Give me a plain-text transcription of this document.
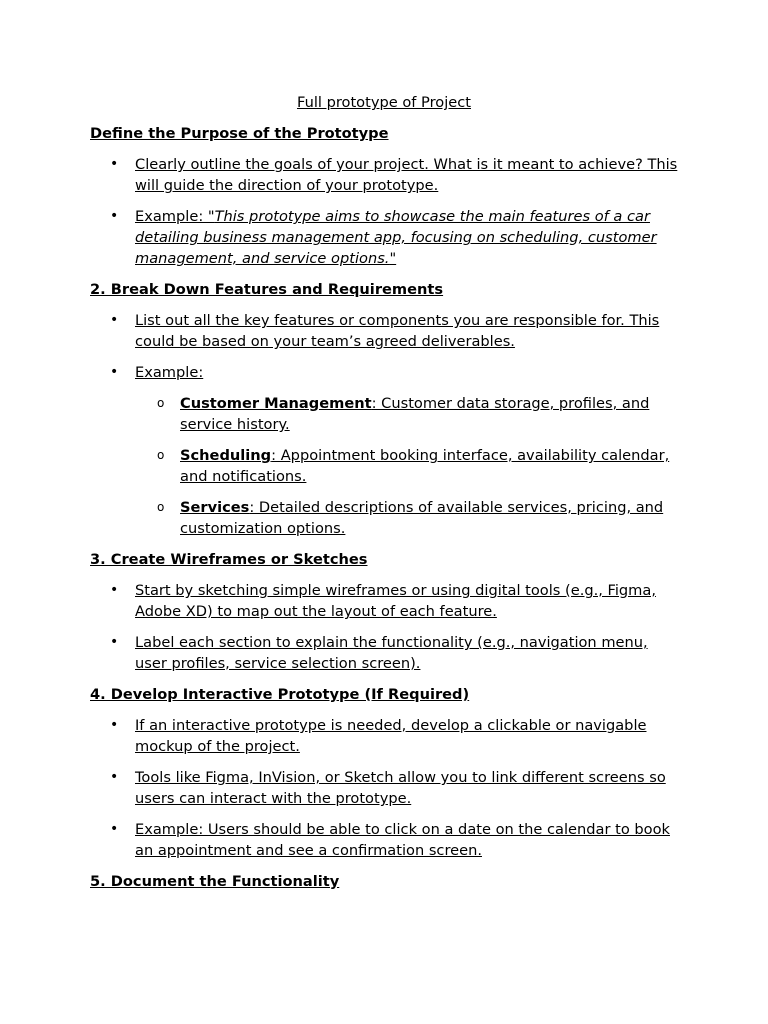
Full prototype of Project
Define the Purpose of the Prototype
• Clearly outline the goals of your project. What is it meant to achieve? This will guide the direction of your prototype.
• Example: "This prototype aims to showcase the main features of a car detailing business management app, focusing on scheduling, customer management, and service options."
2. Break Down Features and Requirements
• List out all the key features or components you are responsible for. This could be based on your team’s agreed deliverables.
• Example:
o Customer Management: Customer data storage, profiles, and service history.
o Scheduling: Appointment booking interface, availability calendar, and notifications.
o Services: Detailed descriptions of available services, pricing, and customization options.
3. Create Wireframes or Sketches
• Start by sketching simple wireframes or using digital tools (e.g., Figma, Adobe XD) to map out the layout of each feature.
• Label each section to explain the functionality (e.g., navigation menu, user profiles, service selection screen).
4. Develop Interactive Prototype (If Required)
• If an interactive prototype is needed, develop a clickable or navigable mockup of the project.
• Tools like Figma, InVision, or Sketch allow you to link different screens so users can interact with the prototype.
• Example: Users should be able to click on a date on the calendar to book an appointment and see a confirmation screen.
5. Document the Functionality
